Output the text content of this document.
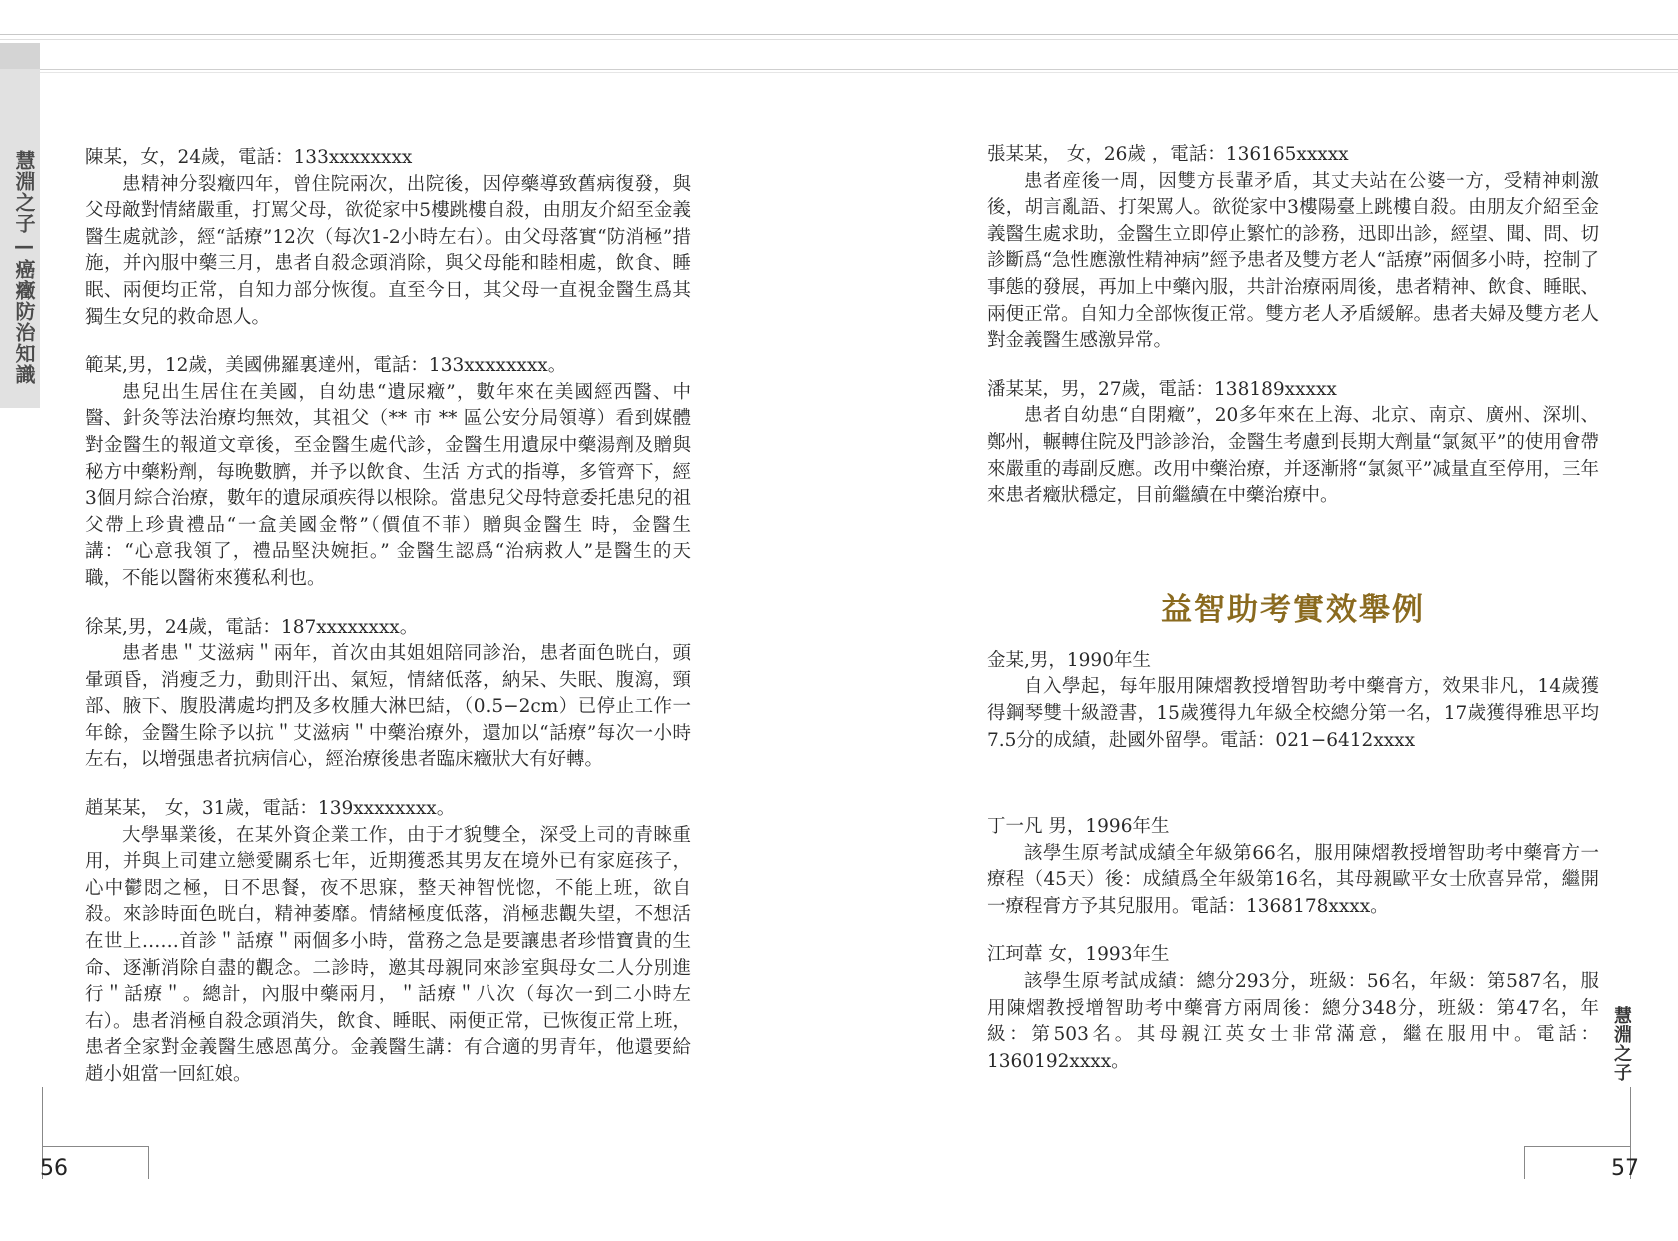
慧淵之子—癌癥防治知識
慧淵之子
56	57
陳某，女，24歲，電話：133xxxxxxxx
患精神分裂癥四年，曾住院兩次，出院後，因停藥導致舊病復發，與父母敵對情緒嚴重，打罵父母，欲從家中5樓跳樓自殺，由朋友介紹至金義醫生處就診，經“話療”12次（每次1-2小時左右）。由父母落實“防消極”措施，并內服中藥三月，患者自殺念頭消除，與父母能和睦相處，飲食、睡眠、兩便均正常，自知力部分恢復。直至今日，其父母一直視金醫生爲其獨生女兒的救命恩人。
範某,男，12歲，美國佛羅裏達州，電話：133xxxxxxxx。
患兒出生居住在美國，自幼患“遺尿癥”，數年來在美國經西醫、中醫、針灸等法治療均無效，其祖父（** 市 ** 區公安分局領導）看到媒體對金醫生的報道文章後，至金醫生處代診，金醫生用遺尿中藥湯劑及贈與秘方中藥粉劑，每晚數臍，并予以飲食、生活 方式的指導，多管齊下，經3個月綜合治療，數年的遺尿頑疾得以根除。當患兒父母特意委托患兒的祖父帶上珍貴禮品“一盒美國金幣”（價值不菲）贈與金醫生 時，金醫生講：“心意我領了，禮品堅決婉拒。” 金醫生認爲“治病救人”是醫生的天職，不能以醫術來獲私利也。
徐某,男，24歲，電話：187xxxxxxxx。
患者患＂艾滋病＂兩年，首次由其姐姐陪同診治，患者面色晄白，頭暈頭昏，消瘦乏力，動則汗出、氣短，情緒低落，納呆、失眠、腹瀉，頸部、腋下、腹股溝處均捫及多枚腫大淋巴結，（0.5−2cm）已停止工作一年餘，金醫生除予以抗＂艾滋病＂中藥治療外，還加以“話療”每次一小時左右，以增强患者抗病信心，經治療後患者臨床癥狀大有好轉。
趙某某， 女，31歲，電話：139xxxxxxxx。
大學畢業後，在某外資企業工作，由于才貌雙全，深受上司的青睞重用，并與上司建立戀愛關系七年，近期獲悉其男友在境外已有家庭孩子，心中鬱悶之極，日不思餐，夜不思寐，整天神智恍惚，不能上班，欲自殺。來診時面色晄白，精神萎靡。情緒極度低落，消極悲觀失望，不想活在世上……首診＂話療＂兩個多小時，當務之急是要讓患者珍惜寶貴的生命、逐漸消除自盡的觀念。二診時，邀其母親同來診室與母女二人分別進行＂話療＂。總計，內服中藥兩月，＂話療＂八次（每次一到二小時左右）。患者消極自殺念頭消失，飲食、睡眠、兩便正常，已恢復正常上班，患者全家對金義醫生感恩萬分。金義醫生講：有合適的男青年，他還要給趙小姐當一回紅娘。
張某某， 女，26歲 ，電話：136165xxxxx
患者産後一周，因雙方長輩矛盾，其丈夫站在公婆一方，受精神刺激後，胡言亂語、打架罵人。欲從家中3樓陽臺上跳樓自殺。由朋友介紹至金義醫生處求助，金醫生立即停止繁忙的診務，迅即出診，經望、聞、問、切診斷爲“急性應激性精神病”經予患者及雙方老人“話療”兩個多小時，控制了事態的發展，再加上中藥內服，共計治療兩周後，患者精神、飲食、睡眠、兩便正常。自知力全部恢復正常。雙方老人矛盾緩解。患者夫婦及雙方老人對金義醫生感激异常。
潘某某，男，27歲，電話：138189xxxxx
患者自幼患“自閉癥”，20多年來在上海、北京、南京、廣州、深圳、鄭州，輾轉住院及門診診治，金醫生考慮到長期大劑量“氯氮平”的使用會帶來嚴重的毒副反應。改用中藥治療，并逐漸將“氯氮平”减量直至停用，三年來患者癥狀穩定，目前繼續在中藥治療中。
益智助考實效舉例
金某,男，1990年生
自入學起，每年服用陳熠教授增智助考中藥膏方，效果非凡，14歲獲得鋼琴雙十級證書，15歲獲得九年級全校總分第一名，17歲獲得雅思平均7.5分的成績，赴國外留學。電話：021−6412xxxx
丁一凡 男，1996年生
該學生原考試成績全年級第66名，服用陳熠教授增智助考中藥膏方一療程（45天）後：成績爲全年級第16名，其母親歐平女士欣喜异常，繼開一療程膏方予其兒服用。電話：1368178xxxx。
江珂葦 女，1993年生
該學生原考試成績：總分293分，班級：56名，年級：第587名，服用陳熠教授增智助考中藥膏方兩周後：總分348分，班級：第47名，年級：第503名。其母親江英女士非常滿意，繼在服用中。電話：1360192xxxx。
